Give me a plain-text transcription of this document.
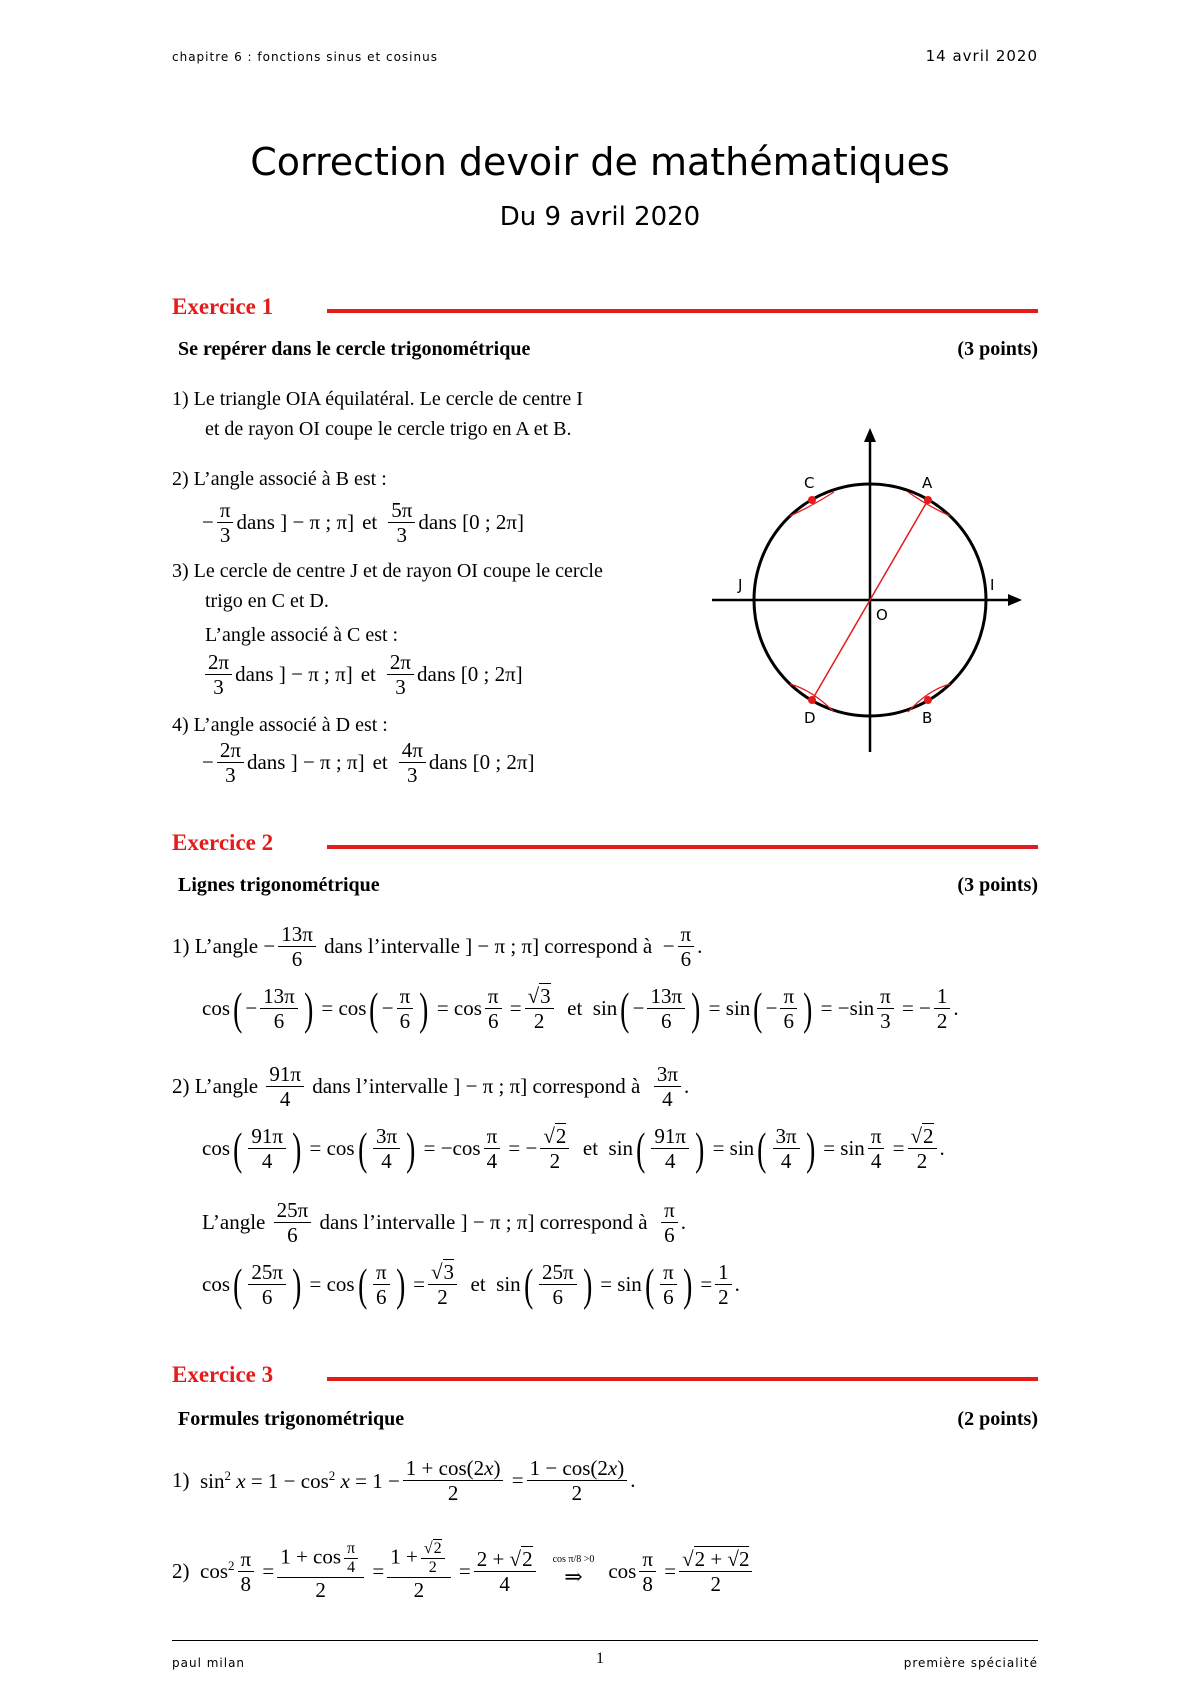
chapitre 6 : fonctions sinus et cosinus	14 avril 2020
Correction devoir de mathématiques
Du 9 avril 2020
Exercice 1
Se repérer dans le cercle trigonométrique	(3 points)
1) Le triangle OIA équilatéral. Le cercle de centre I
et de rayon OI coupe le cercle trigo en A et B.
2) L’angle associé à B est :
− $\frac{\pi}{3}$ dans ] − π ; π] et $\frac{5\pi}{3}$ dans [0 ; 2π]
3) Le cercle de centre J et de rayon OI coupe le cercle
trigo en C et D.
L’angle associé à C est :
$\frac{2\pi}{3}$ dans ] − π ; π] et $\frac{2\pi}{3}$ dans [0 ; 2π]
4) L’angle associé à D est :
− $\frac{2\pi}{3}$ dans ] − π ; π] et $\frac{4\pi}{3}$ dans [0 ; 2π]
A
B
C
D
O
I
J
Exercice 2
Lignes trigonométrique	(3 points)
1) L’angle − $\frac{13\pi}{6}$
dans l’intervalle ] − π ; π] correspond à − $\frac{\pi}{6}$ .
cos ( − $\frac{13\pi}{6}$ ) = cos ( − $\frac{\pi}{6}$ ) = $\cos \frac{\pi}{6} = \frac{√3}{2}$ et  sin ( − $\frac{13\pi}{6}$ ) = sin ( − $\frac{\pi}{6}$ ) = $-\sin \frac{\pi}{3}$ = − $\frac{1}{2}$ .
2) L’angle
$\frac{91\pi}{4}$
dans l’intervalle ] − π ; π] correspond à
$\frac{3\pi}{4}$ .
cos ( $\frac{91\pi}{4}$ ) = cos ( $\frac{3\pi}{4}$ ) = $-\cos \frac{\pi}{4}$ = − $\frac{√2}{2}$ et  sin ( $\frac{91\pi}{4}$ ) = sin ( $\frac{3\pi}{4}$ ) = $\sin \frac{\pi}{4} = \frac{√2}{2}$ .
L’angle
$\frac{25\pi}{6}$
dans l’intervalle ] − π ; π] correspond à
$\frac{\pi}{6}$ .
cos ( $\frac{25\pi}{6}$ ) = cos ( $\frac{\pi}{6}$ ) = $\frac{√3}{2}$ et  sin ( $\frac{25\pi}{6}$ ) = sin ( $\frac{\pi}{6}$ ) = $\frac{1}{2}$ .
Exercice 3
Formules trigonométrique	(2 points)
1) $\sin^2 x = 1 - \cos^2 x = 1 - \frac{1 + \cos(2x)}{2} = \frac{1 - \cos(2x)}{2}$ .
2) $\cos^2 \frac{\pi}{8} = \frac{1 + \cos \frac{\pi}{4}}{2} = \frac{1 + \frac{√2}{2}}{2} = \frac{2 + √2}{4}$ cos π/8 >0
⇒ $\cos \frac{\pi}{8} = \frac{√2 + √2}{2}$
paul milan	1	première spécialité
